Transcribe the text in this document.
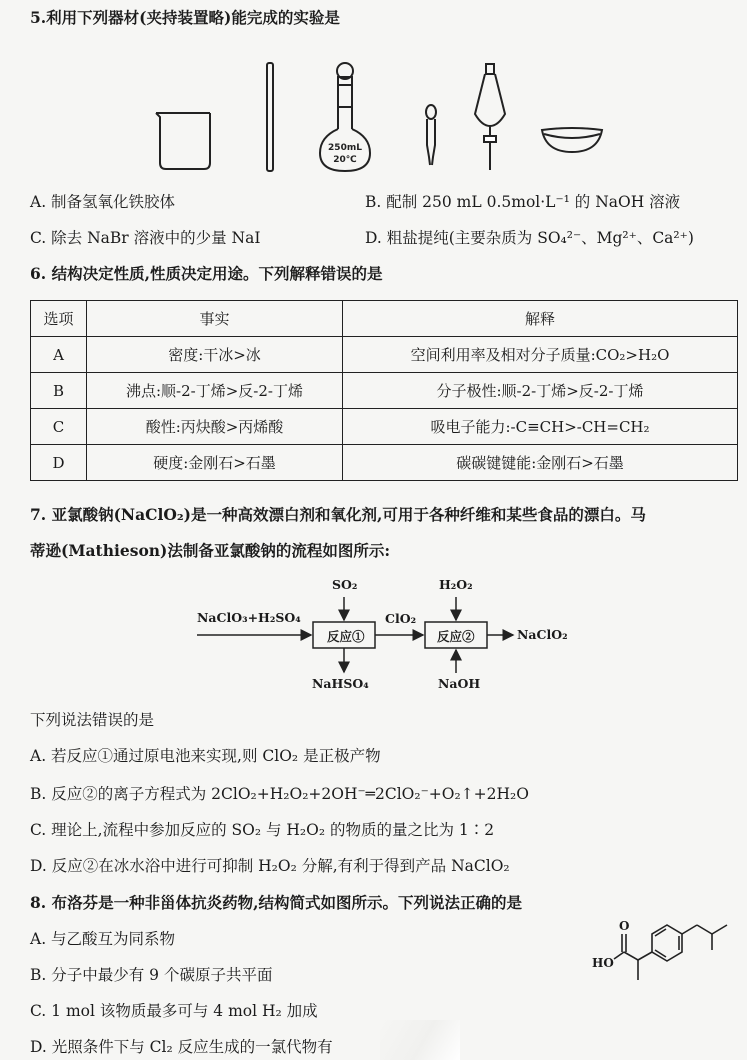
5.利用下列器材(夹持装置略)能完成的实验是
250mL
20℃
A. 制备氢氧化铁胶体	B. 配制 250 mL 0.5mol·L⁻¹ 的 NaOH 溶液
C. 除去 NaBr 溶液中的少量 NaI	D. 粗盐提纯(主要杂质为 SO₄²⁻、Mg²⁺、Ca²⁺)
6. 结构决定性质,性质决定用途。下列解释错误的是
选项	事实	解释
A	密度:干冰>冰	空间利用率及相对分子质量:CO₂>H₂O
B	沸点:顺-2-丁烯>反-2-丁烯	分子极性:顺-2-丁烯>反-2-丁烯
C	酸性:丙炔酸>丙烯酸	吸电子能力:-C≡CH>-CH=CH₂
D	硬度:金刚石>石墨	碳碳键键能:金刚石>石墨
7. 亚氯酸钠(NaClO₂)是一种高效漂白剂和氧化剂,可用于各种纤维和某些食品的漂白。马
蒂逊(Mathieson)法制备亚氯酸钠的流程如图所示:
NaClO₃+H₂SO₄
SO₂
反应①
NaHSO₄
ClO₂
H₂O₂
反应②
NaOH
NaClO₂
下列说法错误的是
A. 若反应①通过原电池来实现,则 ClO₂ 是正极产物
B. 反应②的离子方程式为 2ClO₂+H₂O₂+2OH⁻═2ClO₂⁻+O₂↑+2H₂O
C. 理论上,流程中参加反应的 SO₂ 与 H₂O₂ 的物质的量之比为 1∶2
D. 反应②在冰水浴中进行可抑制 H₂O₂ 分解,有利于得到产品 NaClO₂
8. 布洛芬是一种非甾体抗炎药物,结构简式如图所示。下列说法正确的是
A. 与乙酸互为同系物
B. 分子中最少有 9 个碳原子共平面
C. 1 mol 该物质最多可与 4 mol H₂ 加成
D. 光照条件下与 Cl₂ 反应生成的一氯代物有
O
HO
